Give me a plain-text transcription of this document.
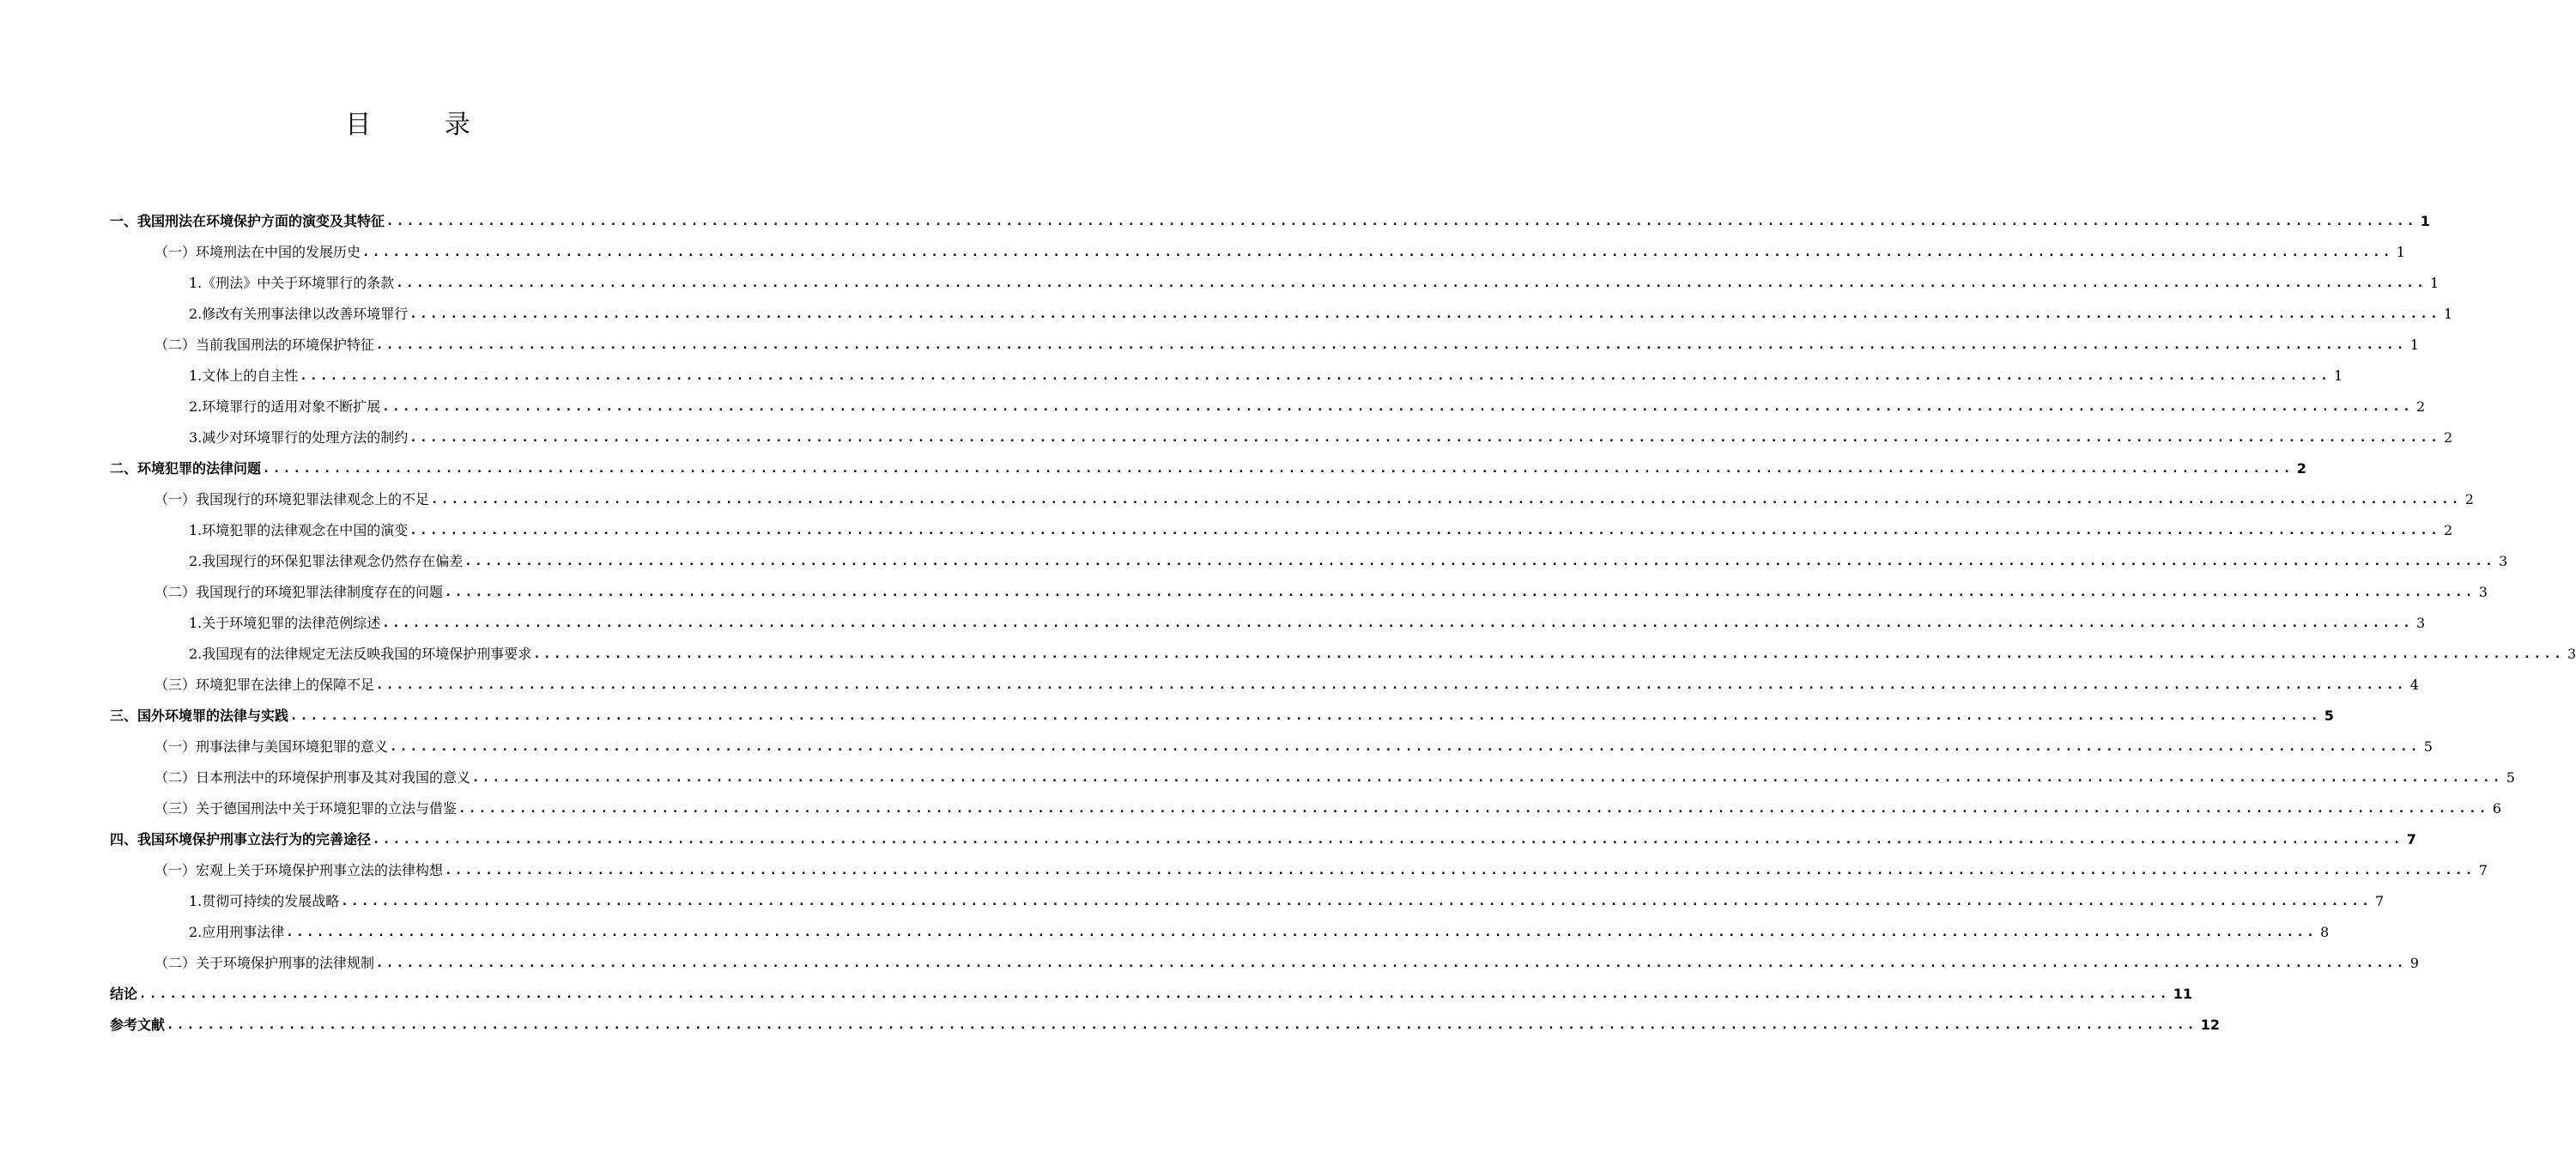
目 录
一、我国刑法在环境保护方面的演变及其特征 ........................................................................................................................................................................................................ 1
（一）环境刑法在中国的发展历史 ........................................................................................................................................................................................................ 1
1.《刑法》中关于环境罪行的条款 ........................................................................................................................................................................................................ 1
2.修改有关刑事法律以改善环境罪行 ........................................................................................................................................................................................................ 1
（二）当前我国刑法的环境保护特征 ........................................................................................................................................................................................................ 1
1.文体上的自主性 ........................................................................................................................................................................................................ 1
2.环境罪行的适用对象不断扩展 ........................................................................................................................................................................................................ 2
3.减少对环境罪行的处理方法的制约 ........................................................................................................................................................................................................ 2
二、环境犯罪的法律问题 ........................................................................................................................................................................................................ 2
（一）我国现行的环境犯罪法律观念上的不足 ........................................................................................................................................................................................................ 2
1.环境犯罪的法律观念在中国的演变 ........................................................................................................................................................................................................ 2
2.我国现行的环保犯罪法律观念仍然存在偏差 ........................................................................................................................................................................................................ 3
（二）我国现行的环境犯罪法律制度存在的问题 ........................................................................................................................................................................................................ 3
1.关于环境犯罪的法律范例综述 ........................................................................................................................................................................................................ 3
2.我国现有的法律规定无法反映我国的环境保护刑事要求 ........................................................................................................................................................................................................ 3
（三）环境犯罪在法律上的保障不足 ........................................................................................................................................................................................................ 4
三、国外环境罪的法律与实践 ........................................................................................................................................................................................................ 5
（一）刑事法律与美国环境犯罪的意义 ........................................................................................................................................................................................................ 5
（二）日本刑法中的环境保护刑事及其对我国的意义 ........................................................................................................................................................................................................ 5
（三）关于德国刑法中关于环境犯罪的立法与借鉴 ........................................................................................................................................................................................................ 6
四、我国环境保护刑事立法行为的完善途径 ........................................................................................................................................................................................................ 7
（一）宏观上关于环境保护刑事立法的法律构想 ........................................................................................................................................................................................................ 7
1.贯彻可持续的发展战略 ........................................................................................................................................................................................................ 7
2.应用刑事法律 ........................................................................................................................................................................................................ 8
（二）关于环境保护刑事的法律规制 ........................................................................................................................................................................................................ 9
结论 ........................................................................................................................................................................................................ 11
参考文献 ........................................................................................................................................................................................................ 12
